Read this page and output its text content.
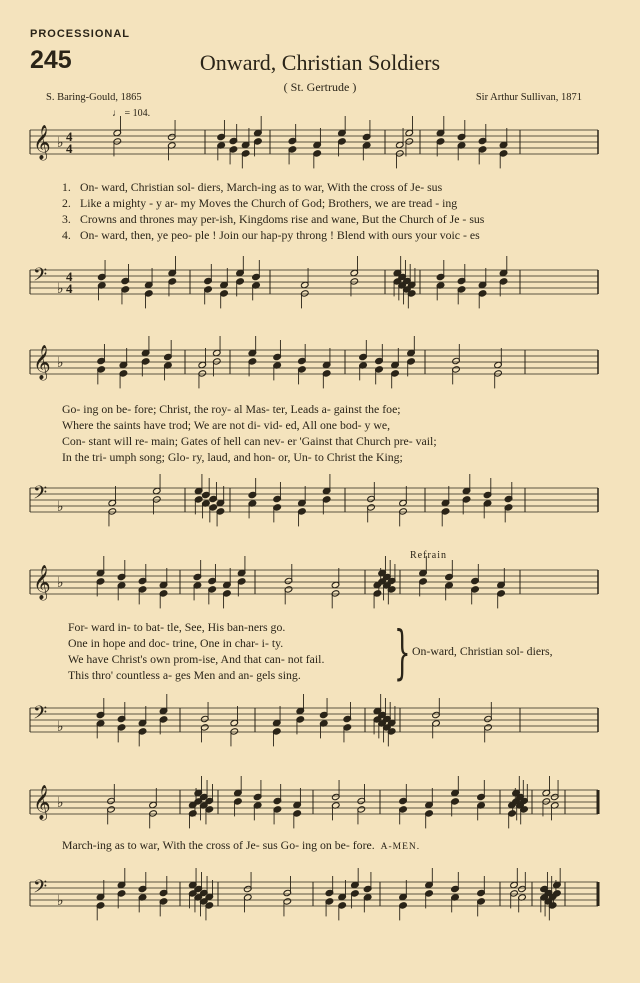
PROCESSIONAL
245	Onward, Christian Soldiers
( St. Gertrude )
S. Baring-Gould, 1865	Sir Arthur Sullivan, 1871
♩ = 104.
𝄞 ♭
𝄢 ♭
𝄞 ♭
𝄢 ♭
𝄞 ♭
𝄢 ♭
𝄞 ♭
𝄢 ♭
4
4
4
4
1. On- ward, Christian sol- diers, March-ing as to war, With the cross of Je- sus
2. Like a mighty - y ar- my Moves the Church of God; Brothers, we are tread - ing
3. Crowns and thrones may per-ish, Kingdoms rise and wane, But the Church of Je - sus
4. On- ward, then, ye peo- ple ! Join our hap-py throng ! Blend with ours your voic - es
Go- ing on be- fore; Christ, the roy- al Mas- ter, Leads a- gainst the foe;
Where the saints have trod; We are not di- vid- ed, All one bod- y we,
Con- stant will re- main; Gates of hell can nev- er 'Gainst that Church pre- vail;
In the tri- umph song; Glo- ry, laud, and hon- or, Un- to Christ the King;
Refrain
For- ward in- to bat- tle, See, His ban-ners go.
One in hope and doc- trine, One in char- i- ty.
We have Christ's own prom-ise, And that can- not fail.
This thro' countless a- ges Men and an- gels sing. } On-ward, Christian sol- diers,
March-ing as to war, With the cross of Je- sus Go- ing on be- fore. A-MEN.
